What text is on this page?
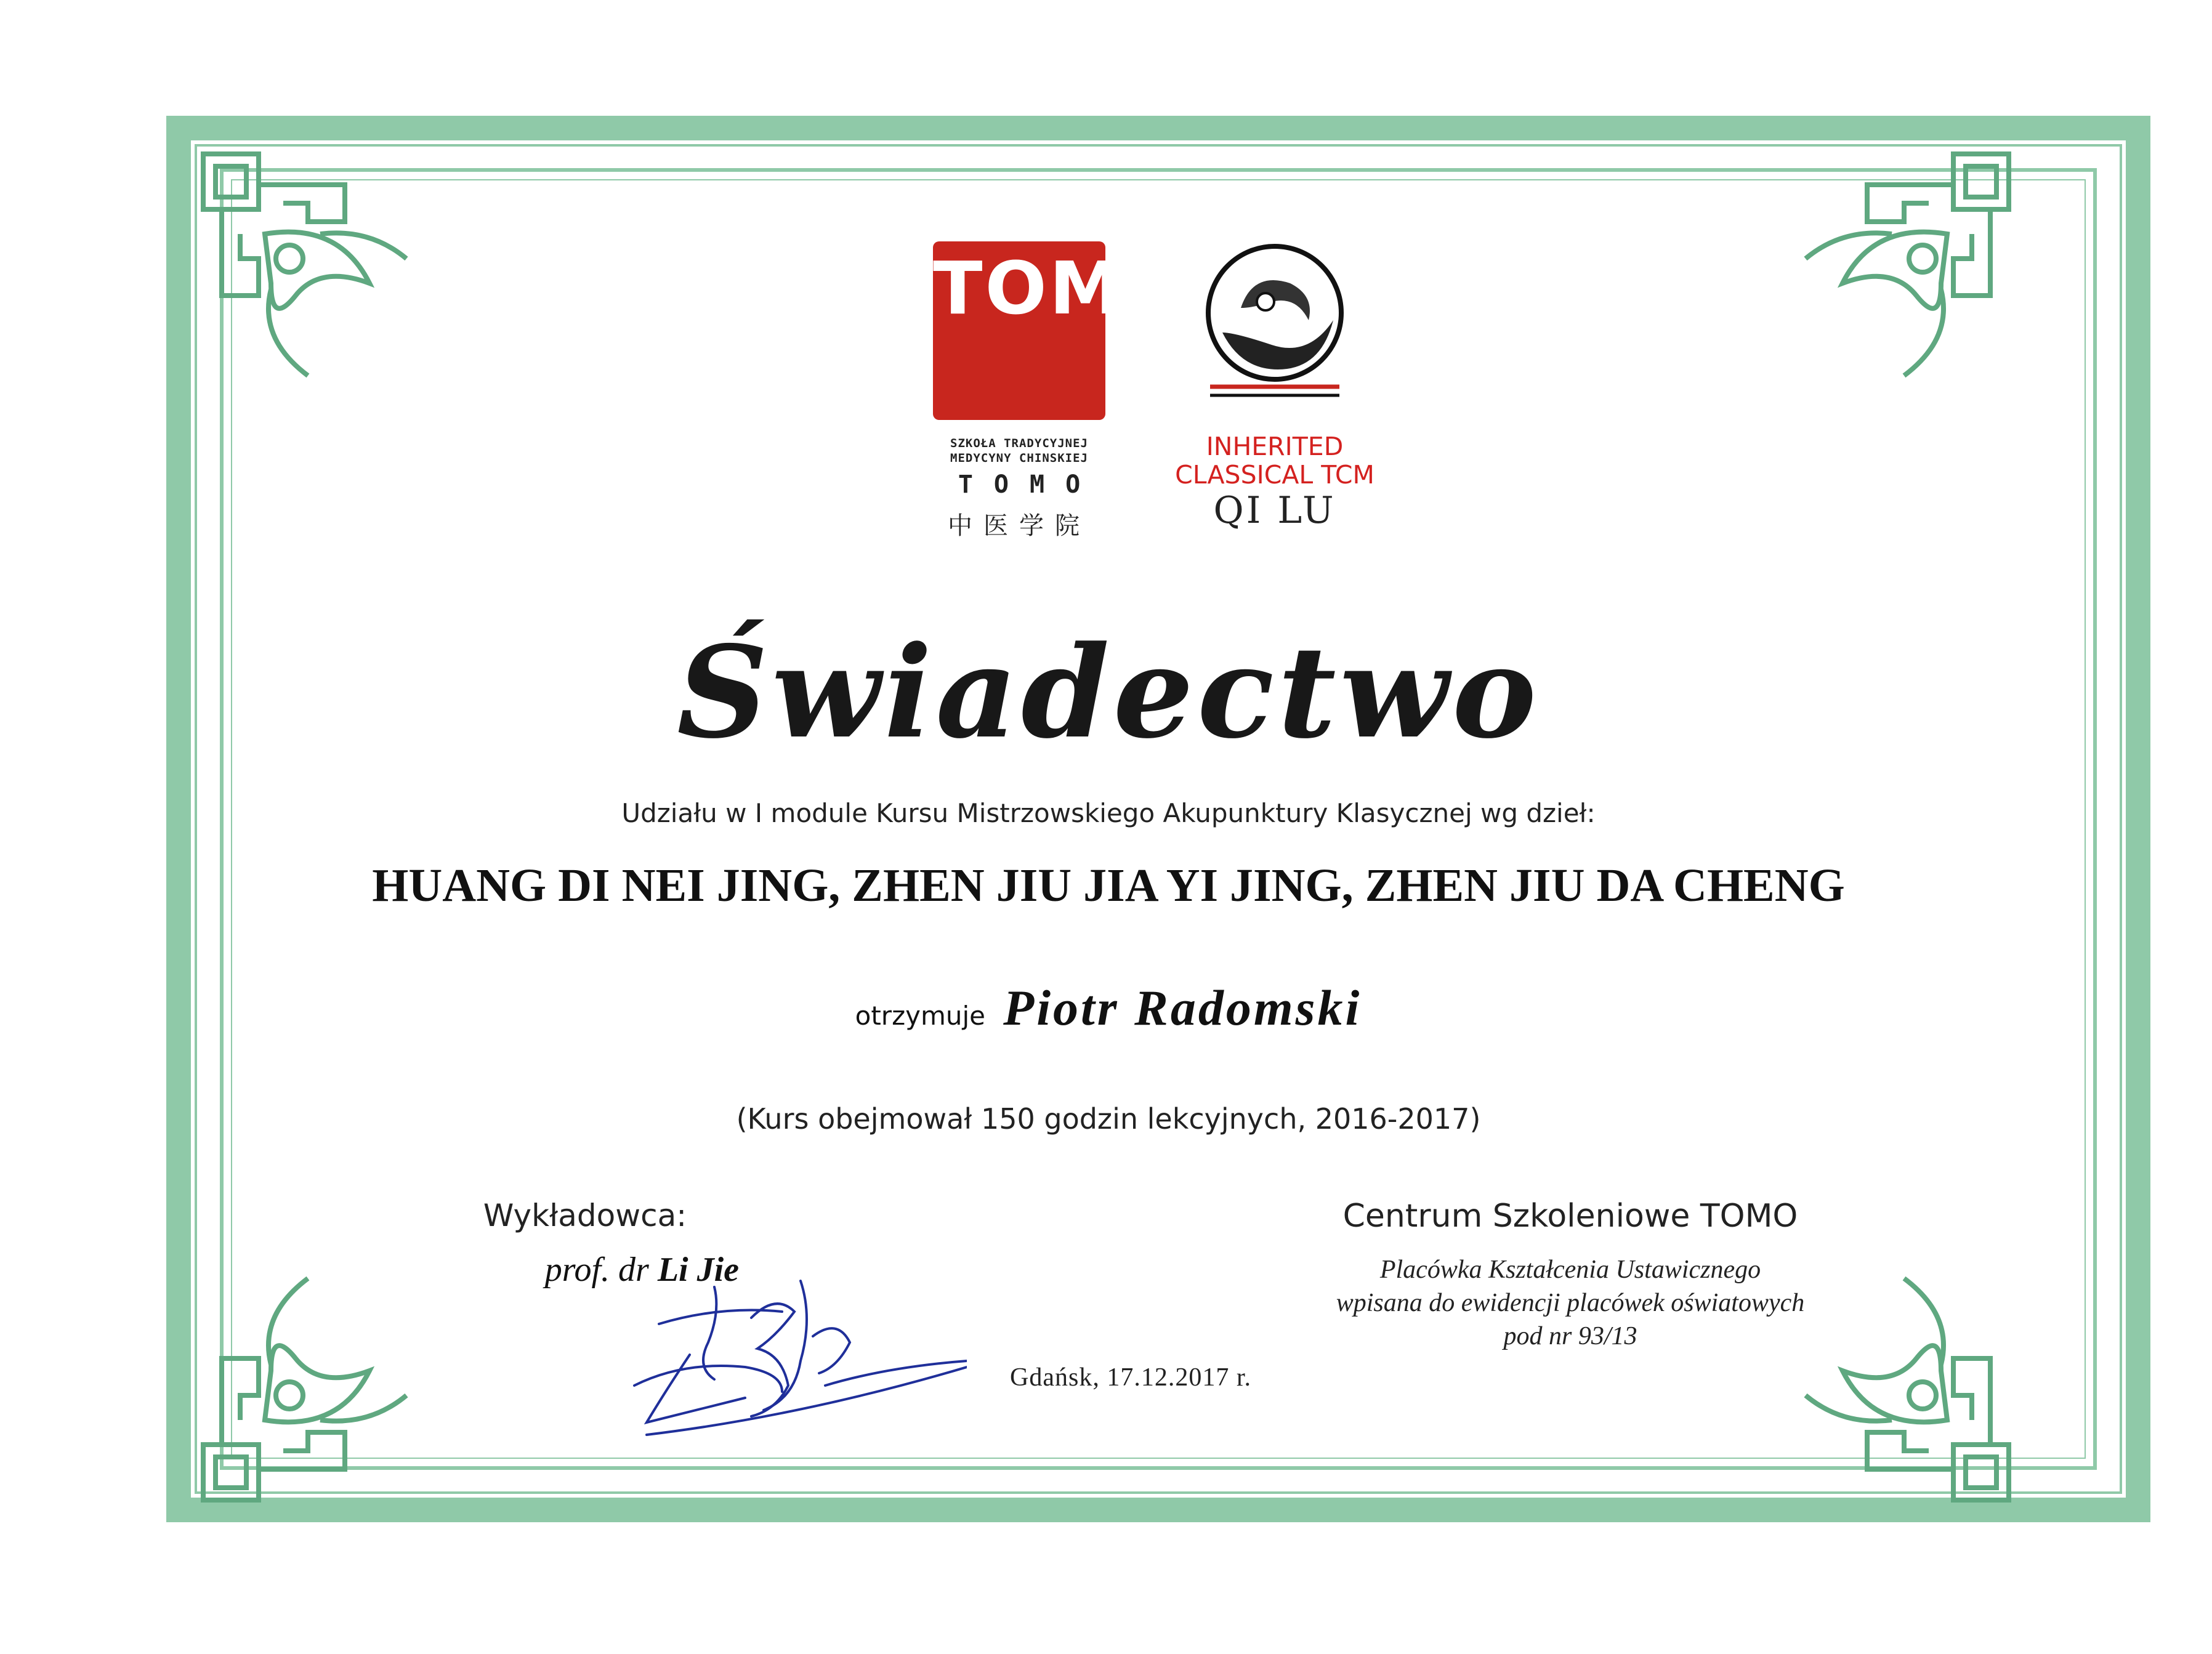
TOMO
SZKOŁA TRADYCYJNEJ
MEDYCYNY CHINSKIEJ
TOMO
中医学院
INHERITED
CLASSICAL TCM
QI LU
Świadectwo
Udziału w I module Kursu Mistrzowskiego Akupunktury Klasycznej wg dzieł:
HUANG DI NEI JING, ZHEN JIU JIA YI JING, ZHEN JIU DA CHENG
otrzymuje Piotr Radomski
(Kurs obejmował 150 godzin lekcyjnych, 2016-2017)
Wykładowca:
prof. dr Li Jie
Gdańsk, 17.12.2017 r.
Centrum Szkoleniowe TOMO
Placówka Kształcenia Ustawicznego
wpisana do ewidencji placówek oświatowych
pod nr 93/13
